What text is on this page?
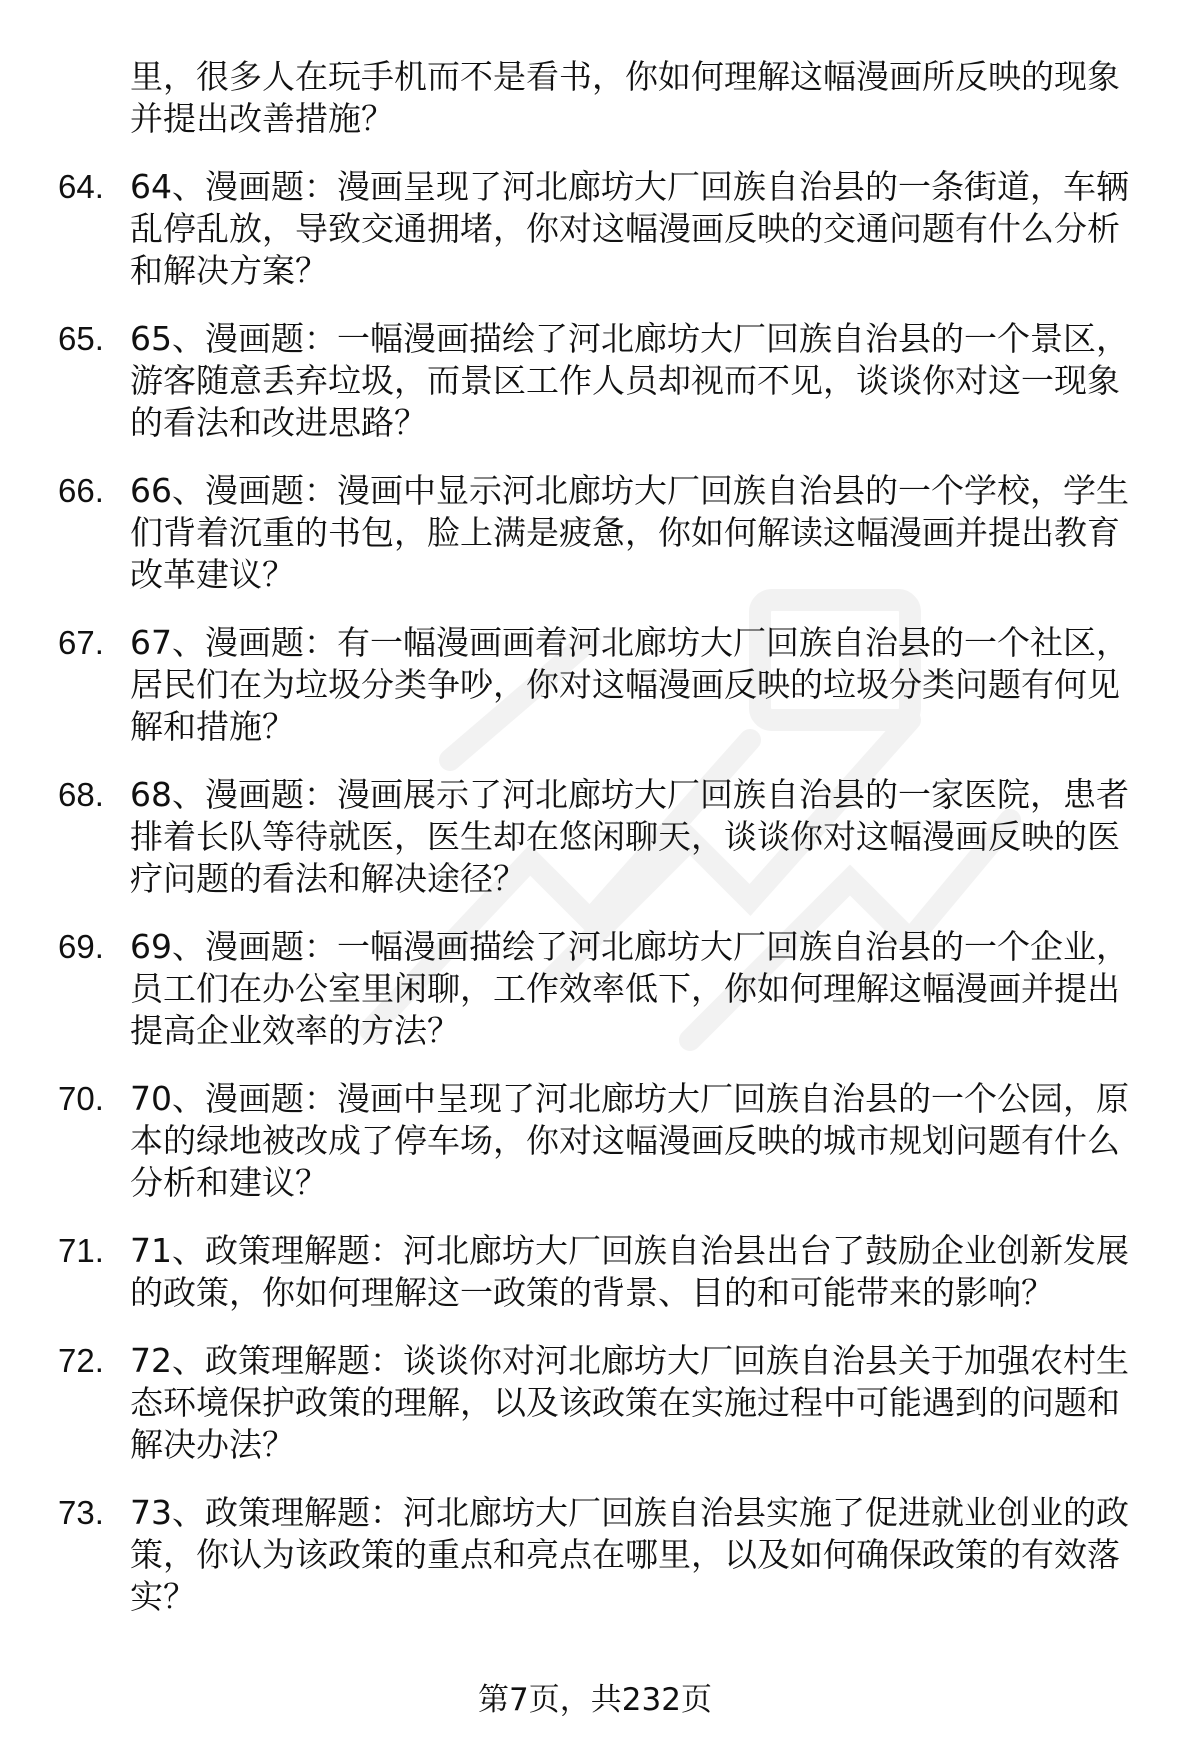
里，很多人在玩手机而不是看书，你如何理解这幅漫画所反映的现象并提出改善措施？
64. 64、漫画题：漫画呈现了河北廊坊大厂回族自治县的一条街道，车辆乱停乱放，导致交通拥堵，你对这幅漫画反映的交通问题有什么分析和解决方案？
65. 65、漫画题：一幅漫画描绘了河北廊坊大厂回族自治县的一个景区，游客随意丢弃垃圾，而景区工作人员却视而不见，谈谈你对这一现象的看法和改进思路？
66. 66、漫画题：漫画中显示河北廊坊大厂回族自治县的一个学校，学生们背着沉重的书包，脸上满是疲惫，你如何解读这幅漫画并提出教育改革建议？
67. 67、漫画题：有一幅漫画画着河北廊坊大厂回族自治县的一个社区，居民们在为垃圾分类争吵，你对这幅漫画反映的垃圾分类问题有何见解和措施？
68. 68、漫画题：漫画展示了河北廊坊大厂回族自治县的一家医院，患者排着长队等待就医，医生却在悠闲聊天，谈谈你对这幅漫画反映的医疗问题的看法和解决途径？
69. 69、漫画题：一幅漫画描绘了河北廊坊大厂回族自治县的一个企业，员工们在办公室里闲聊，工作效率低下，你如何理解这幅漫画并提出提高企业效率的方法？
70. 70、漫画题：漫画中呈现了河北廊坊大厂回族自治县的一个公园，原本的绿地被改成了停车场，你对这幅漫画反映的城市规划问题有什么分析和建议？
71. 71、政策理解题：河北廊坊大厂回族自治县出台了鼓励企业创新发展的政策，你如何理解这一政策的背景、目的和可能带来的影响？
72. 72、政策理解题：谈谈你对河北廊坊大厂回族自治县关于加强农村生态环境保护政策的理解，以及该政策在实施过程中可能遇到的问题和解决办法？
73. 73、政策理解题：河北廊坊大厂回族自治县实施了促进就业创业的政策，你认为该政策的重点和亮点在哪里，以及如何确保政策的有效落实？
第7页，共232页
